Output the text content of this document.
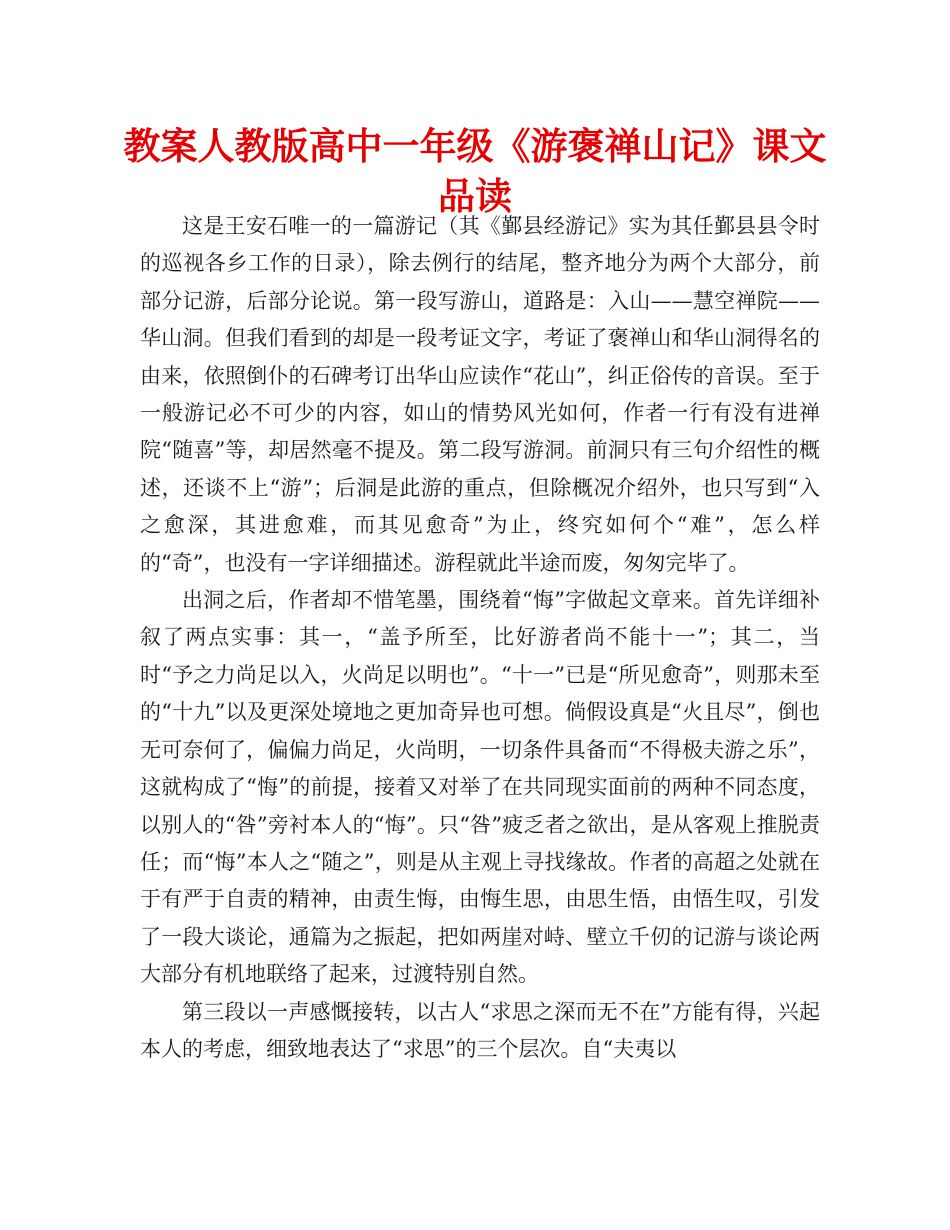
教案人教版高中一年级《游褒禅山记》课文品读

这是王安石唯一的一篇游记（其《鄞县经游记》实为其任鄞县县令时的巡视各乡工作的日录），除去例行的结尾，整齐地分为两个大部分，前部分记游，后部分论说。第一段写游山，道路是：入山——慧空禅院——华山洞。但我们看到的却是一段考证文字，考证了褒禅山和华山洞得名的由来，依照倒仆的石碑考订出华山应读作“花山”，纠正俗传的音误。至于一般游记必不可少的内容，如山的情势风光如何，作者一行有没有进禅院“随喜”等，却居然毫不提及。第二段写游洞。前洞只有三句介绍性的概述，还谈不上“游”；后洞是此游的重点，但除概况介绍外，也只写到“入之愈深，其进愈难，而其见愈奇”为止，终究如何个“难”，怎么样的“奇”，也没有一字详细描述。游程就此半途而废，匆匆完毕了。

出洞之后，作者却不惜笔墨，围绕着“悔”字做起文章来。首先详细补叙了两点实事：其一，“盖予所至，比好游者尚不能十一”；其二，当时“予之力尚足以入，火尚足以明也”。“十一”已是“所见愈奇”，则那未至的“十九”以及更深处境地之更加奇异也可想。倘假设真是“火且尽”，倒也无可奈何了，偏偏力尚足，火尚明，一切条件具备而“不得极夫游之乐”，这就构成了“悔”的前提，接着又对举了在共同现实面前的两种不同态度，以别人的“咎”旁衬本人的“悔”。只“咎”疲乏者之欲出，是从客观上推脱责任；而“悔”本人之“随之”，则是从主观上寻找缘故。作者的高超之处就在于有严于自责的精神，由责生悔，由悔生思，由思生悟，由悟生叹，引发了一段大谈论，通篇为之振起，把如两崖对峙、壁立千仞的记游与谈论两大部分有机地联络了起来，过渡特别自然。

第三段以一声感慨接转，以古人“求思之深而无不在”方能有得，兴起本人的考虑，细致地表达了“求思”的三个层次。自“夫夷以
